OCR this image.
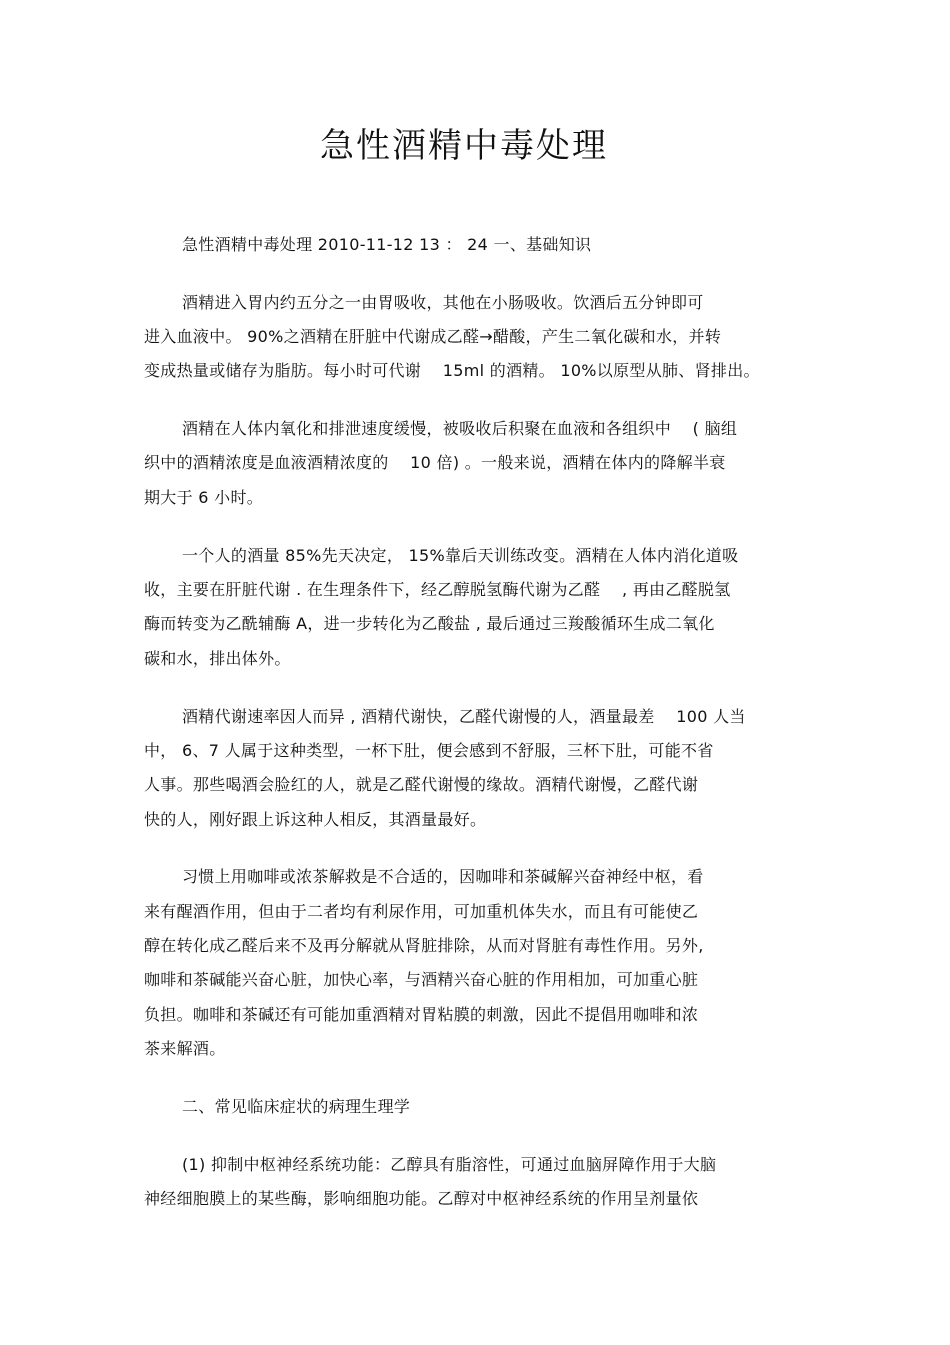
急性酒精中毒处理
急性酒精中毒处理 2010-11-12 13 ： 24 一、基础知识
酒精进入胃内约五分之一由胃吸收，其他在小肠吸收。饮酒后五分钟即可
进入血液中。 90%之酒精在肝脏中代谢成乙醛→醋酸，产生二氧化碳和水，并转
变成热量或储存为脂肪。每小时可代谢　 15ml 的酒精。 10%以原型从肺、肾排出。
酒精在人体内氧化和排泄速度缓慢，被吸收后积聚在血液和各组织中　 ( 脑组
织中的酒精浓度是血液酒精浓度的　 10 倍) 。一般来说，酒精在体内的降解半衰
期大于 6 小时。
一个人的酒量 85%先天决定， 15%靠后天训练改变。酒精在人体内消化道吸
收，主要在肝脏代谢 . 在生理条件下，经乙醇脱氢酶代谢为乙醛　 , 再由乙醛脱氢
酶而转变为乙酰辅酶 A，进一步转化为乙酸盐 , 最后通过三羧酸循环生成二氧化
碳和水，排出体外。
酒精代谢速率因人而异 , 酒精代谢快，乙醛代谢慢的人，酒量最差　 100 人当
中， 6、7 人属于这种类型，一杯下肚，便会感到不舒服，三杯下肚，可能不省
人事。那些喝酒会脸红的人，就是乙醛代谢慢的缘故。酒精代谢慢，乙醛代谢
快的人，刚好跟上诉这种人相反，其酒量最好。
习惯上用咖啡或浓茶解救是不合适的，因咖啡和茶碱解兴奋神经中枢，看
来有醒酒作用，但由于二者均有利尿作用，可加重机体失水，而且有可能使乙
醇在转化成乙醛后来不及再分解就从肾脏排除，从而对肾脏有毒性作用。另外,
咖啡和茶碱能兴奋心脏，加快心率，与酒精兴奋心脏的作用相加，可加重心脏
负担。咖啡和茶碱还有可能加重酒精对胃粘膜的刺激，因此不提倡用咖啡和浓
茶来解酒。
二、常见临床症状的病理生理学
(1) 抑制中枢神经系统功能：乙醇具有脂溶性，可通过血脑屏障作用于大脑
神经细胞膜上的某些酶，影响细胞功能。乙醇对中枢神经系统的作用呈剂量依
